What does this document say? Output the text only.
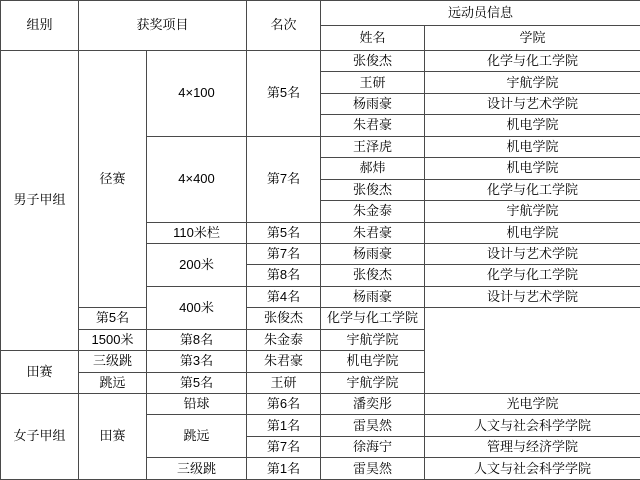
组别	获奖项目		名次	远动员信息	
				姓名	学院
男子甲组	径赛	4×100	第5名	张俊杰	化学与化工学院
				王研	宇航学院
				杨雨豪	设计与艺术学院
				朱君豪	机电学院
		4×400	第7名	王泽虎	机电学院
				郝炜	机电学院
				张俊杰	化学与化工学院
				朱金泰	宇航学院
		110米栏	第5名	朱君豪	机电学院
		200米	第7名	杨雨豪	设计与艺术学院
			第8名	张俊杰	化学与化工学院
		400米	第4名	杨雨豪	设计与艺术学院
	第5名		张俊杰	化学与化工学院	
	1500米	第8名	朱金泰	宇航学院	
田赛	三级跳	第3名	朱君豪	机电学院	
	跳远	第5名	王研	宇航学院	
女子甲组	田赛	铅球	第6名	潘奕彤	光电学院
		跳远	第1名	雷昊然	人文与社会科学学院
			第7名	徐海宁	管理与经济学院
		三级跳	第1名	雷昊然	人文与社会科学学院
